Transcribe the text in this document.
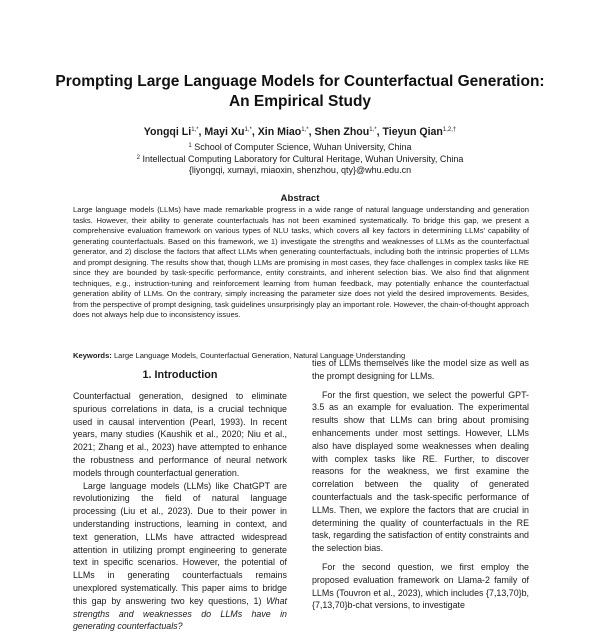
Prompting Large Language Models for Counterfactual Generation:
An Empirical Study
Yongqi $Li^{1,*}$, Mayi $Xu^{1,*}$, Xin Miao$^{1,*}$, Shen Zhou$^{1,*}$, Tieyun Qian$^{1,2,\dagger}$
$^1$ School of Computer Science, Wuhan University, China
$^2$ Intellectual Computing Laboratory for Cultural Heritage, Wuhan University, China
{liyongqi, xumayi, miaoxin, shenzhou, qty}@whu.edu.cn
Abstract
Large language models (LLMs) have made remarkable progress in a wide range of natural language understanding and generation tasks. However, their ability to generate counterfactuals has not been examined systematically. To bridge this gap, we present a comprehensive evaluation framework on various types of NLU tasks, which covers all key factors in determining LLMs' capability of generating counterfactuals. Based on this framework, we 1) investigate the strengths and weaknesses of LLMs as the counterfactual generator, and 2) disclose the factors that affect LLMs when generating counterfactuals, including both the intrinsic properties of LLMs and prompt designing. The results show that, though LLMs are promising in most cases, they face challenges in complex tasks like RE since they are bounded by task-specific performance, entity constraints, and inherent selection bias. We also find that alignment techniques, e.g., instruction-tuning and reinforcement learning from human feedback, may potentially enhance the counterfactual generation ability of LLMs. On the contrary, simply increasing the parameter size does not yield the desired improvements. Besides, from the perspective of prompt designing, task guidelines unsurprisingly play an important role. However, the chain-of-thought approach does not always help due to inconsistency issues.
Keywords: Large Language Models, Counterfactual Generation, Natural Language Understanding
1. Introduction

Counterfactual generation, designed to eliminate spurious correlations in data, is a crucial technique used in causal intervention (Pearl, 1993). In recent years, many studies (Kaushik et al., 2020; Niu et al., 2021; Zhang et al., 2023) have attempted to enhance the robustness and performance of neural network models through counterfactual generation.

Large language models (LLMs) like ChatGPT are revolutionizing the field of natural language processing (Liu et al., 2023). Due to their power in understanding instructions, learning in context, and text generation, LLMs have attracted widespread attention in utilizing prompt engineering to generate text in specific scenarios. However, the potential of LLMs in generating counterfactuals remains unexplored systematically. This paper aims to bridge this gap by answering two key questions, 1) What strengths and weaknesses do LLMs have in generating counterfactuals?

ties of LLMs themselves like the model size as well as the prompt designing for LLMs.

For the first question, we select the powerful GPT-3.5 as an example for evaluation. The experimental results show that LLMs can bring about promising enhancements under most settings. However, LLMs also have displayed some weaknesses when dealing with complex tasks like RE. Further, to discover reasons for the weakness, we first examine the correlation between the quality of generated counterfactuals and the task-specific performance of LLMs. Then, we explore the factors that are crucial in determining the quality of counterfactuals in the RE task, regarding the satisfaction of entity constraints and the selection bias.

For the second question, we first employ the proposed evaluation framework on Llama-2 family of LLMs (Touvron et al., 2023), which includes {7,13,70}b, {7,13,70}b-chat versions, to investigate
